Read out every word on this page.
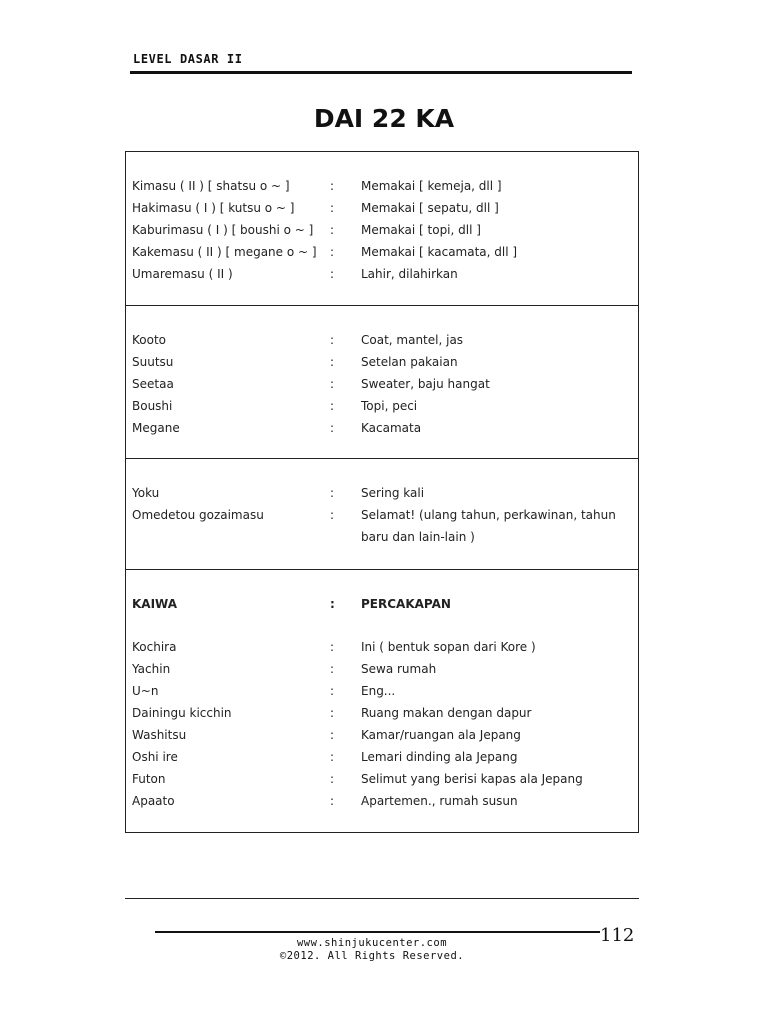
LEVEL DASAR II
DAI 22 KA
Kimasu ( II ) [ shatsu o ~ ]	:	Memakai [ kemeja, dll ]
Hakimasu ( I ) [ kutsu o ~ ]	:	Memakai [ sepatu, dll ]
Kaburimasu ( I ) [ boushi o ~ ]	:	Memakai [ topi, dll ]
Kakemasu ( II ) [ megane o ~ ]	:	Memakai [ kacamata, dll ]
Umaremasu ( II )	:	Lahir, dilahirkan
Kooto	:	Coat, mantel, jas
Suutsu	:	Setelan pakaian
Seetaa	:	Sweater, baju hangat
Boushi	:	Topi, peci
Megane	:	Kacamata
Yoku	:	Sering kali
Omedetou gozaimasu	:	Selamat! (ulang tahun, perkawinan, tahun baru dan lain-lain )
KAIWA	:	PERCAKAPAN
Kochira	:	Ini ( bentuk sopan dari Kore )
Yachin	:	Sewa rumah
U~n	:	Eng...
Dainingu kicchin	:	Ruang makan dengan dapur
Washitsu	:	Kamar/ruangan ala Jepang
Oshi ire	:	Lemari dinding ala Jepang
Futon	:	Selimut yang berisi kapas ala Jepang
Apaato	:	Apartemen., rumah susun
112
www.shinjukucenter.com
©2012. All Rights Reserved.
